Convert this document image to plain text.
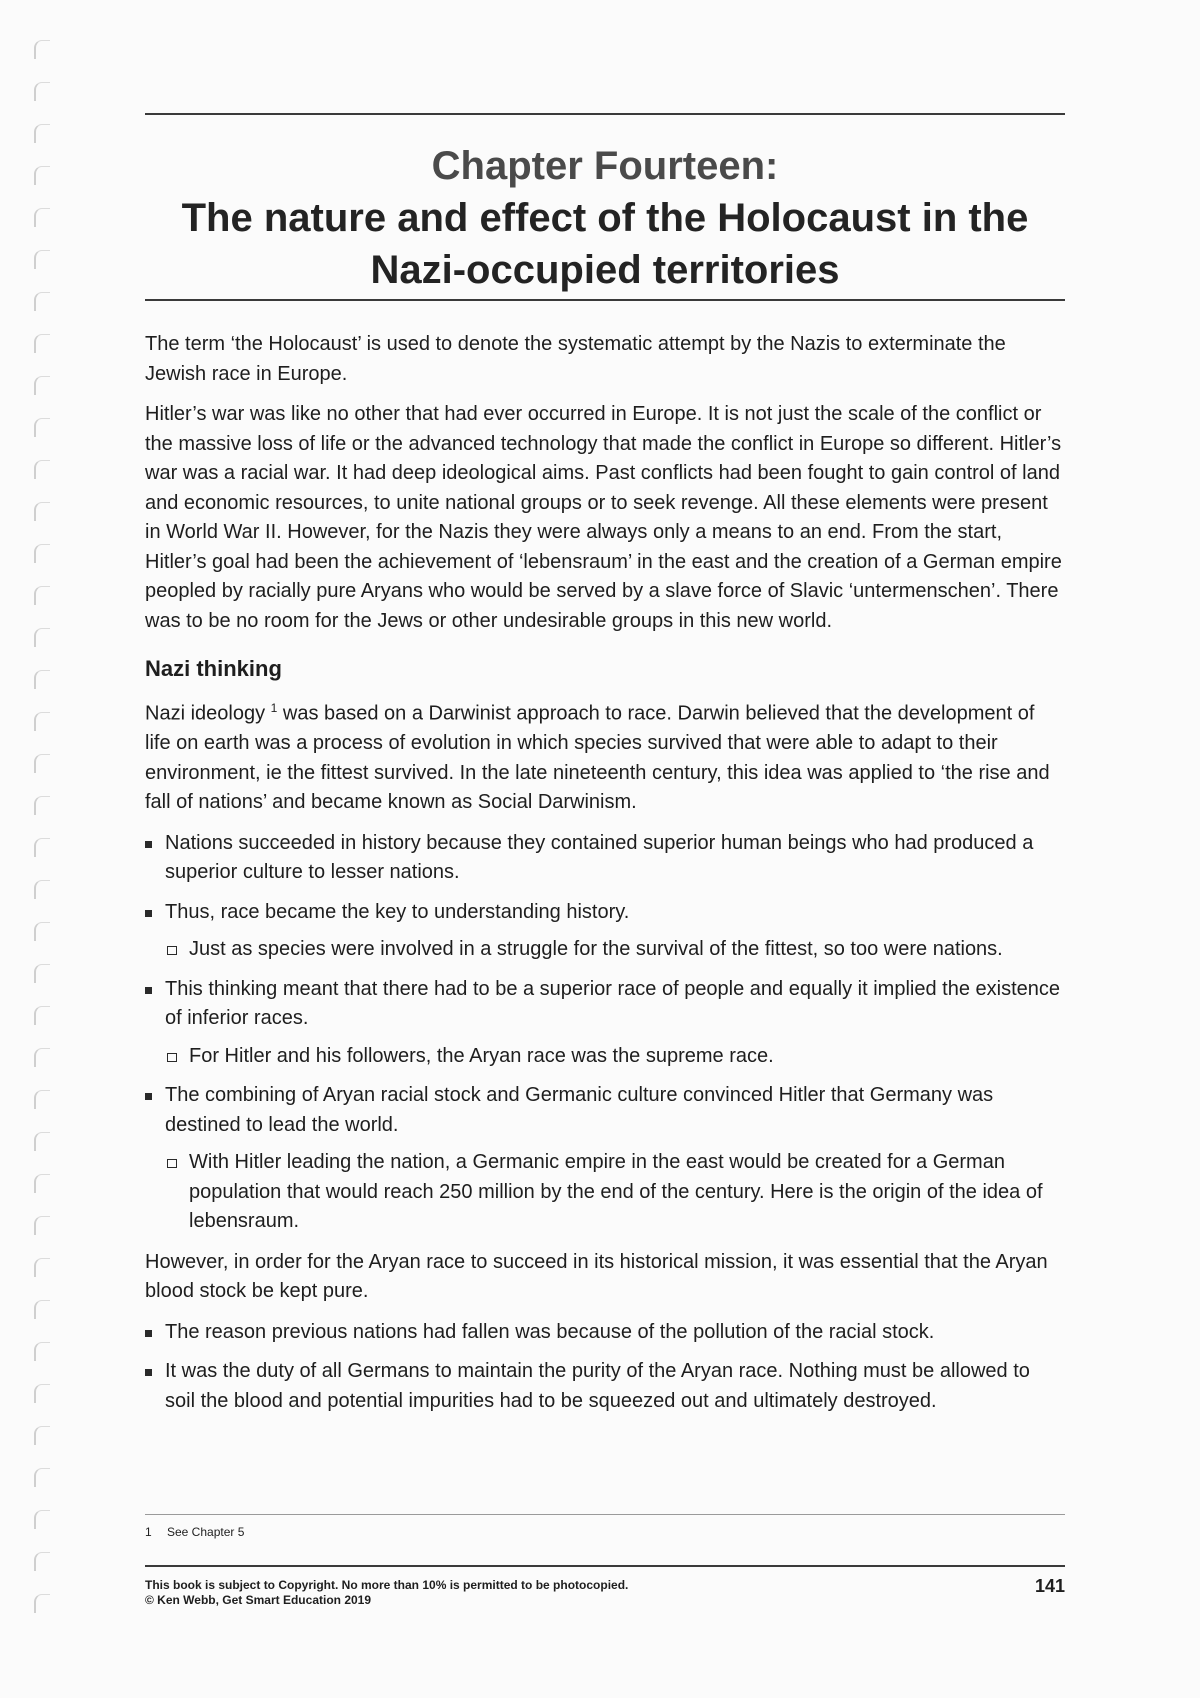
Chapter Fourteen:
The nature and effect of the Holocaust in the
Nazi-occupied territories

The term ‘the Holocaust’ is used to denote the systematic attempt by the Nazis to exterminate the Jewish race in Europe.

Hitler’s war was like no other that had ever occurred in Europe. It is not just the scale of the conflict or the massive loss of life or the advanced technology that made the conflict in Europe so different. Hitler’s war was a racial war. It had deep ideological aims. Past conflicts had been fought to gain control of land and economic resources, to unite national groups or to seek revenge. All these elements were present in World War II. However, for the Nazis they were always only a means to an end. From the start, Hitler’s goal had been the achievement of ‘lebensraum’ in the east and the creation of a German empire peopled by racially pure Aryans who would be served by a slave force of Slavic ‘untermenschen’. There was to be no room for the Jews or other undesirable groups in this new world.

Nazi thinking

Nazi ideology $^1$ was based on a Darwinist approach to race. Darwin believed that the development of life on earth was a process of evolution in which species survived that were able to adapt to their environment, ie the fittest survived. In the late nineteenth century, this idea was applied to ‘the rise and fall of nations’ and became known as Social Darwinism.

Nations succeeded in history because they contained superior human beings who had produced a superior culture to lesser nations.
Thus, race became the key to understanding history.
Just as species were involved in a struggle for the survival of the fittest, so too were nations.
This thinking meant that there had to be a superior race of people and equally it implied the existence of inferior races.
For Hitler and his followers, the Aryan race was the supreme race.
The combining of Aryan racial stock and Germanic culture convinced Hitler that Germany was destined to lead the world.
With Hitler leading the nation, a Germanic empire in the east would be created for a German population that would reach 250 million by the end of the century. Here is the origin of the idea of lebensraum.

However, in order for the Aryan race to succeed in its historical mission, it was essential that the Aryan blood stock be kept pure.

The reason previous nations had fallen was because of the pollution of the racial stock.
It was the duty of all Germans to maintain the purity of the Aryan race. Nothing must be allowed to soil the blood and potential impurities had to be squeezed out and ultimately destroyed.
1 See Chapter 5
This book is subject to Copyright. No more than 10% is permitted to be photocopied.
© Ken Webb, Get Smart Education 2019
141
